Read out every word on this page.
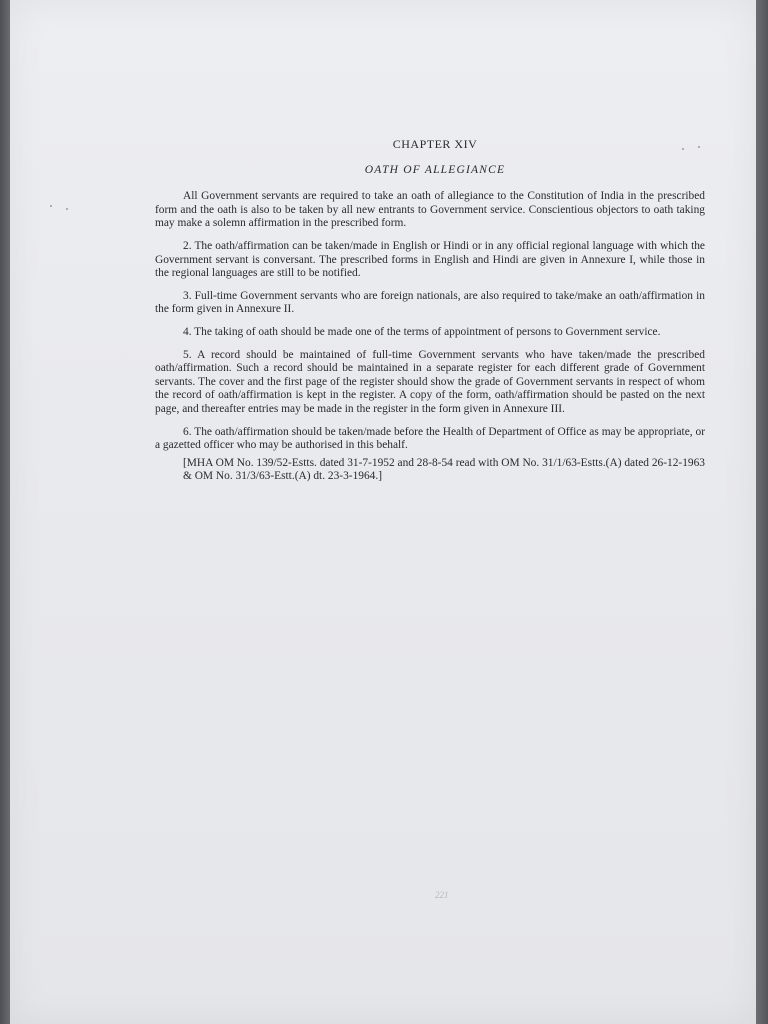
CHAPTER XIV
OATH OF ALLEGIANCE

All Government servants are required to take an oath of allegiance to the Constitution of India in the prescribed form and the oath is also to be taken by all new entrants to Government service. Conscientious objectors to oath taking may make a solemn affirmation in the prescribed form.

2. The oath/affirmation can be taken/made in English or Hindi or in any official regional language with which the Government servant is conversant. The prescribed forms in English and Hindi are given in Annexure I, while those in the regional languages are still to be notified.

3. Full-time Government servants who are foreign nationals, are also required to take/make an oath/affirmation in the form given in Annexure II.

4. The taking of oath should be made one of the terms of appointment of persons to Government service.

5. A record should be maintained of full-time Government servants who have taken/made the prescribed oath/affirmation. Such a record should be maintained in a separate register for each different grade of Government servants. The cover and the first page of the register should show the grade of Government servants in respect of whom the record of oath/affirmation is kept in the register. A copy of the form, oath/affirmation should be pasted on the next page, and thereafter entries may be made in the register in the form given in Annexure III.

6. The oath/affirmation should be taken/made before the Health of Department of Office as may be appropriate, or a gazetted officer who may be authorised in this behalf.

[MHA OM No. 139/52-Estts. dated 31-7-1952 and 28-8-54 read with OM No. 31/1/63-Estts.(A) dated 26-12-1963 & OM No. 31/3/63-Estt.(A) dt. 23-3-1964.]

221
